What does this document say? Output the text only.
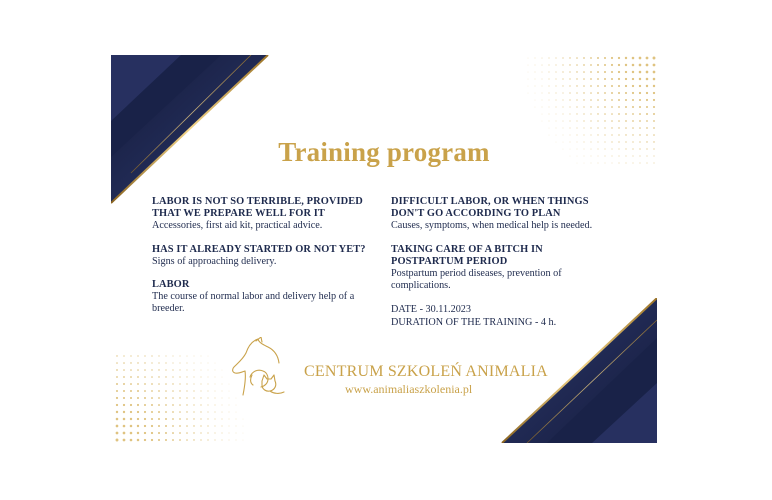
Training program

LABOR IS NOT SO TERRIBLE, PROVIDED THAT WE PREPARE WELL FOR IT

Accessories, first aid kit, practical advice.

HAS IT ALREADY STARTED OR NOT YET?

Signs of approaching delivery.

LABOR

The course of normal labor and delivery help of a breeder.

DIFFICULT LABOR, OR WHEN THINGS DON'T GO ACCORDING TO PLAN

Causes, symptoms, when medical help is needed.

TAKING CARE OF A BITCH IN POSTPARTUM PERIOD

Postpartum period diseases, prevention of complications.

DATE - 30.11.2023

DURATION OF THE TRAINING - 4 h.

CENTRUM SZKOLEŃ ANIMALIA
www.animaliaszkolenia.pl
